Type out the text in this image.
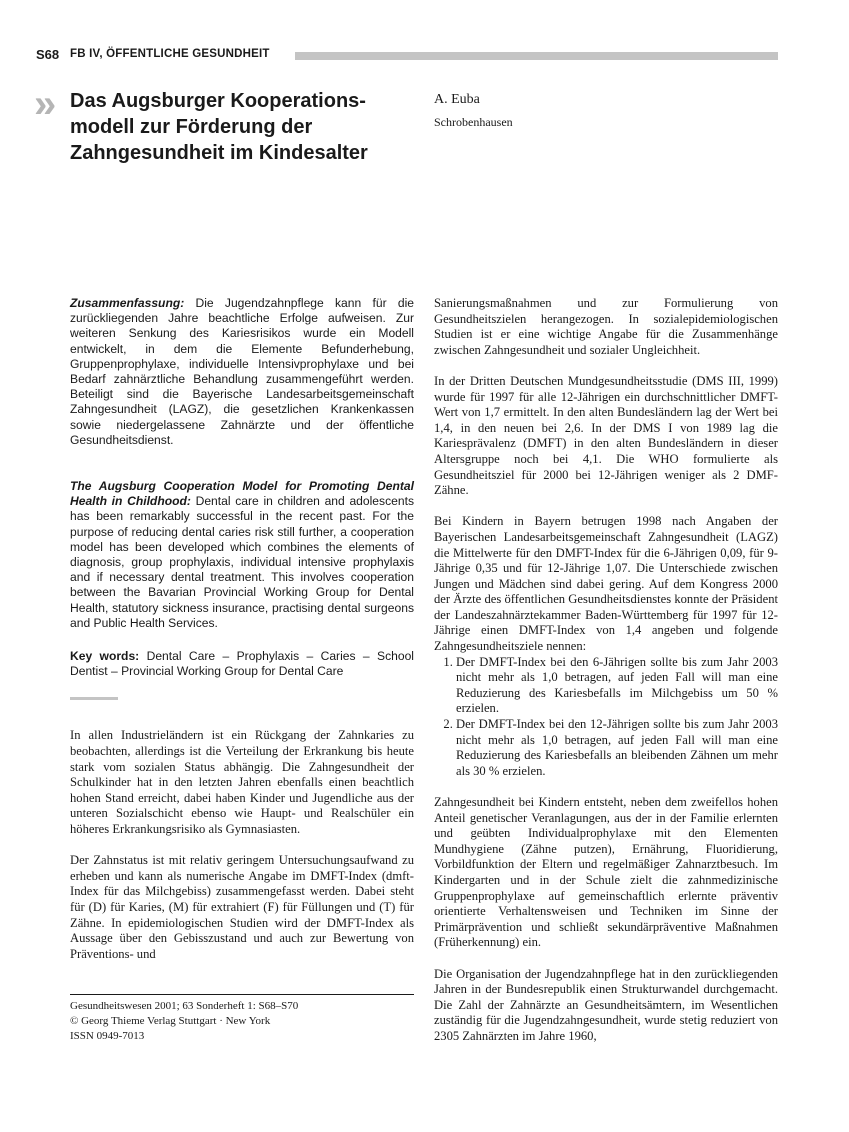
S68 FB IV, ÖFFENTLICHE GESUNDHEIT
» Das Augsburger Kooperations-modell zur Förderung der Zahngesundheit im Kindesalter
A. Euba
Schrobenhausen

Zusammenfassung: Die Jugendzahnpflege kann für die zurückliegenden Jahre beachtliche Erfolge aufweisen. Zur weiteren Senkung des Kariesrisikos wurde ein Modell entwickelt, in dem die Elemente Befunderhebung, Gruppenprophylaxe, individuelle Intensivprophylaxe und bei Bedarf zahnärztliche Behandlung zusammengeführt werden. Beteiligt sind die Bayerische Landesarbeitsgemeinschaft Zahngesundheit (LAGZ), die gesetzlichen Krankenkassen sowie niedergelassene Zahnärzte und der öffentliche Gesundheitsdienst.

The Augsburg Cooperation Model for Promoting Dental Health in Childhood: Dental care in children and adolescents has been remarkably successful in the recent past. For the purpose of reducing dental caries risk still further, a cooperation model has been developed which combines the elements of diagnosis, group prophylaxis, individual intensive prophylaxis and if necessary dental treatment. This involves cooperation between the Bavarian Provincial Working Group for Dental Health, statutory sickness insurance, practising dental surgeons and Public Health Services.

Key words: Dental Care – Prophylaxis – Caries – School Dentist – Provincial Working Group for Dental Care

In allen Industrieländern ist ein Rückgang der Zahnkaries zu beobachten, allerdings ist die Verteilung der Erkrankung bis heute stark vom sozialen Status abhängig. Die Zahngesundheit der Schulkinder hat in den letzten Jahren ebenfalls einen beachtlich hohen Stand erreicht, dabei haben Kinder und Jugendliche aus der unteren Sozialschicht ebenso wie Haupt- und Realschüler ein höheres Erkrankungsrisiko als Gymnasiasten.

Der Zahnstatus ist mit relativ geringem Untersuchungsaufwand zu erheben und kann als numerische Angabe im DMFT-Index (dmft-Index für das Milchgebiss) zusammengefasst werden. Dabei steht für (D) für Karies, (M) für extrahiert (F) für Füllungen und (T) für Zähne. In epidemiologischen Studien wird der DMFT-Index als Aussage über den Gebisszustand und auch zur Bewertung von Präventions- und

Sanierungsmaßnahmen und zur Formulierung von Gesundheitszielen herangezogen. In sozialepidemiologischen Studien ist er eine wichtige Angabe für die Zusammenhänge zwischen Zahngesundheit und sozialer Ungleichheit.

In der Dritten Deutschen Mundgesundheitsstudie (DMS III, 1999) wurde für 1997 für alle 12-Jährigen ein durchschnittlicher DMFT-Wert von 1,7 ermittelt. In den alten Bundesländern lag der Wert bei 1,4, in den neuen bei 2,6. In der DMS I von 1989 lag die Kariesprävalenz (DMFT) in den alten Bundesländern in dieser Altersgruppe noch bei 4,1. Die WHO formulierte als Gesundheitsziel für 2000 bei 12-Jährigen weniger als 2 DMF-Zähne.

Bei Kindern in Bayern betrugen 1998 nach Angaben der Bayerischen Landesarbeitsgemeinschaft Zahngesundheit (LAGZ) die Mittelwerte für den DMFT-Index für die 6-Jährigen 0,09, für 9-Jährige 0,35 und für 12-Jährige 1,07. Die Unterschiede zwischen Jungen und Mädchen sind dabei gering. Auf dem Kongress 2000 der Ärzte des öffentlichen Gesundheitsdienstes konnte der Präsident der Landeszahnärztekammer Baden-Württemberg für 1997 für 12-Jährige einen DMFT-Index von 1,4 angeben und folgende Zahngesundheitsziele nennen:

1. Der DMFT-Index bei den 6-Jährigen sollte bis zum Jahr 2003 nicht mehr als 1,0 betragen, auf jeden Fall will man eine Reduzierung des Kariesbefalls im Milchgebiss um 50 % erzielen.
2. Der DMFT-Index bei den 12-Jährigen sollte bis zum Jahr 2003 nicht mehr als 1,0 betragen, auf jeden Fall will man eine Reduzierung des Kariesbefalls an bleibenden Zähnen um mehr als 30 % erzielen.

Zahngesundheit bei Kindern entsteht, neben dem zweifellos hohen Anteil genetischer Veranlagungen, aus der in der Familie erlernten und geübten Individualprophylaxe mit den Elementen Mundhygiene (Zähne putzen), Ernährung, Fluoridierung, Vorbildfunktion der Eltern und regelmäßiger Zahnarztbesuch. Im Kindergarten und in der Schule zielt die zahnmedizinische Gruppenprophylaxe auf gemeinschaftlich erlernte präventiv orientierte Verhaltensweisen und Techniken im Sinne der Primärprävention und schließt sekundärpräventive Maßnahmen (Früherkennung) ein.

Die Organisation der Jugendzahnpflege hat in den zurückliegenden Jahren in der Bundesrepublik einen Strukturwandel durchgemacht. Die Zahl der Zahnärzte an Gesundheitsämtern, im Wesentlichen zuständig für die Jugendzahngesundheit, wurde stetig reduziert von 2305 Zahnärzten im Jahre 1960,

Gesundheitswesen 2001; 63 Sonderheft 1: S68–S70
© Georg Thieme Verlag Stuttgart · New York
ISSN 0949-7013
